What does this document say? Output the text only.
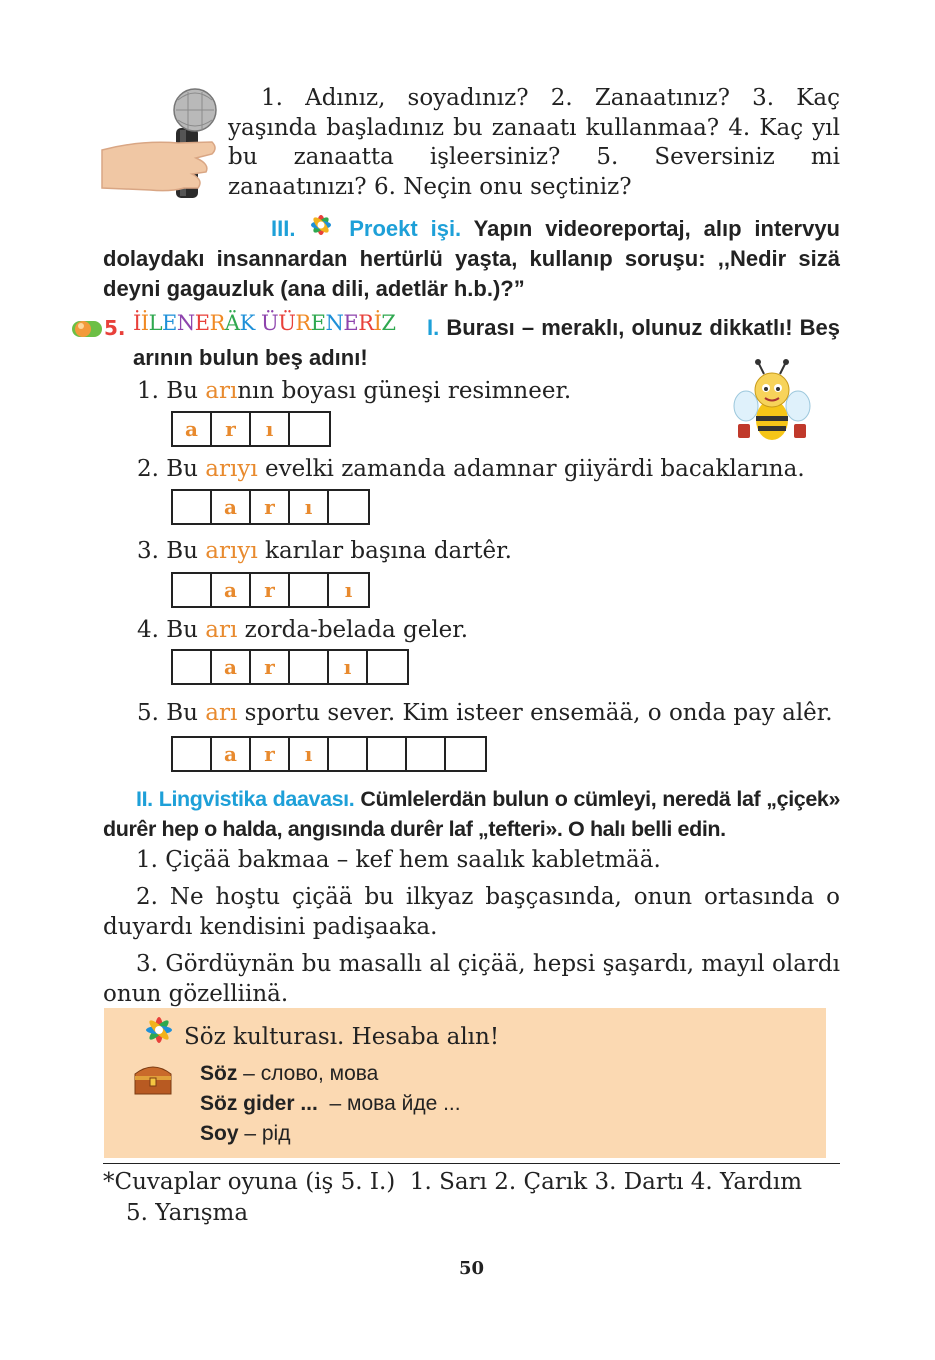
1. Adınız, soyadınız? 2. Zanaatınız? 3. Kaç yaşında başladınız bu zanaatı kullanmaa? 4. Kaç yıl bu zanaatta işleersiniz? 5. Seversiniz mi zanaatınızı? 6. Neçin onu seçtiniz?
III. Proekt işi. Yapın videoreportaj, alıp intervyu dolaydakı insannardan hertürlü yaşta, kullanıp soruşu: ,,Nedir sizä deyni gagauzluk (ana dili, adetlär h.b.)?”
5. İİLENERÄK ÜÜRENERİZ	I. Burası – meraklı, olunuz dikkatlı! Beş arının bulun beş adını!
1. Bu arının boyası güneşi resimneer.
a	r	ı
2. Bu arıyı evelki zamanda adamnar giiyärdi bacaklarına.
a	r	ı
3. Bu arıyı karılar başına dartêr.
a	r	ı
4. Bu arı zorda-belada geler.
a	r	ı
5. Bu arı sportu sever. Kim isteer ensemää, o onda pay alêr.
a	r	ı
II. Lingvistika daavası. Cümlelerdän bulun o cümleyi, neredä laf „çiçek» durêr hep o halda, angısında durêr laf „tefteri». O halı belli edin.
1. Çiçää bakmaa – kef hem saalık kabletmää.
2. Ne hoştu çiçää bu ilkyaz başçasında, onun ortasında o duyardı kendisini padişaaka.
3. Gördüynän bu masallı al çiçää, hepsi şaşardı, mayıl olardı onun gözelliinä.
Söz kulturası. Hesaba alın!
Söz – слово, мова
Söz gider ...  – мова йде ...
Soy – рід
*Cuvaplar oyuna (iş 5. I.)  1. Sarı 2. Çarık 3. Dartı 4. Yardım
5. Yarışma
50
